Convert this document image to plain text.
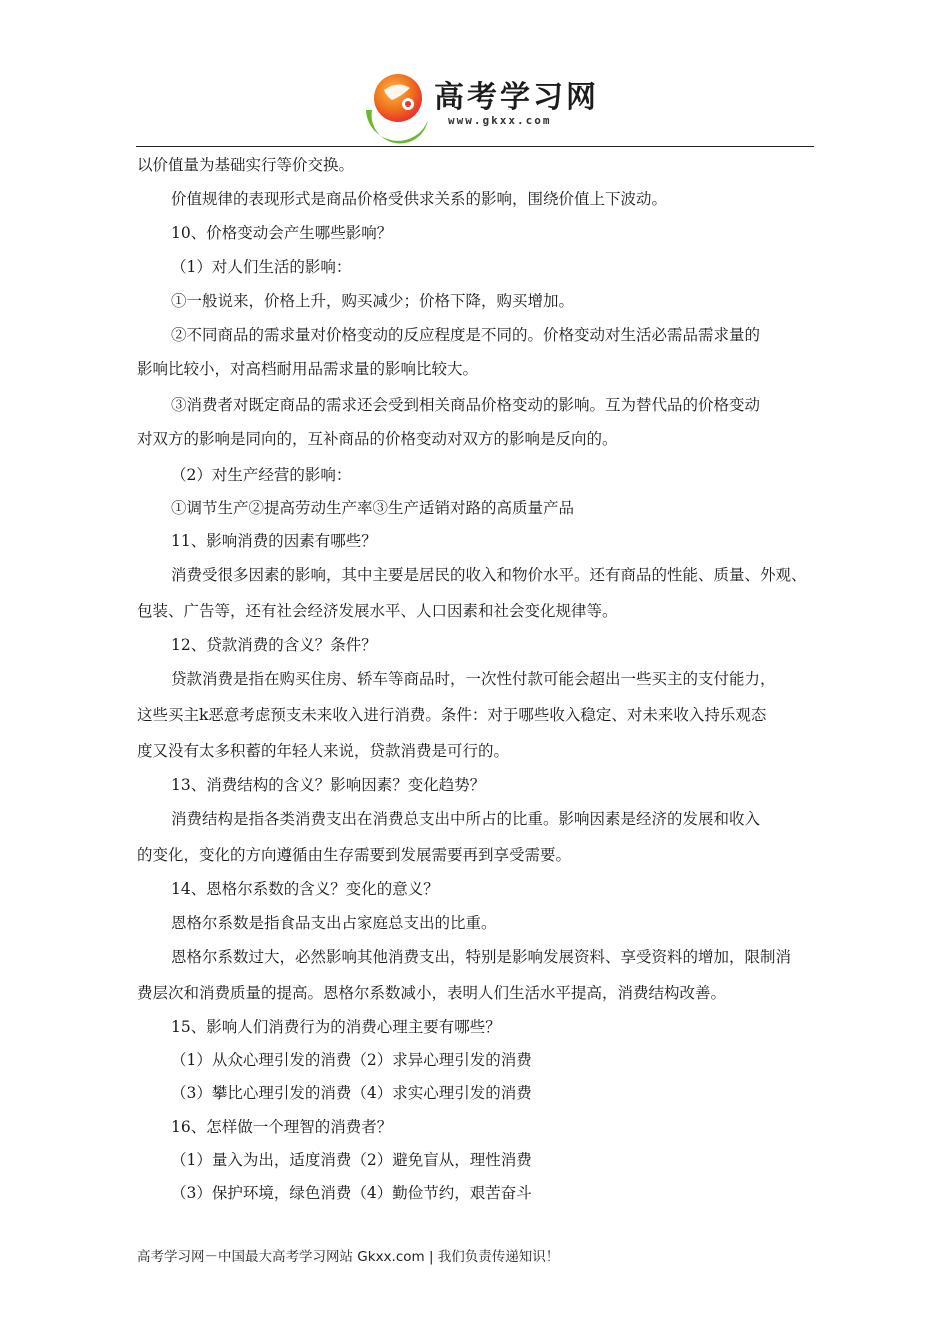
高考学习网
www.gkxx.com
以价值量为基础实行等价交换。
价值规律的表现形式是商品价格受供求关系的影响，围绕价值上下波动。
10、价格变动会产生哪些影响？
（1）对人们生活的影响：
①一般说来，价格上升，购买减少；价格下降，购买增加。
②不同商品的需求量对价格变动的反应程度是不同的。价格变动对生活必需品需求量的
影响比较小，对高档耐用品需求量的影响比较大。
③消费者对既定商品的需求还会受到相关商品价格变动的影响。互为替代品的价格变动
对双方的影响是同向的，互补商品的价格变动对双方的影响是反向的。
（2）对生产经营的影响：
①调节生产②提高劳动生产率③生产适销对路的高质量产品
11、影响消费的因素有哪些？
消费受很多因素的影响，其中主要是居民的收入和物价水平。还有商品的性能、质量、外观、
包装、广告等，还有社会经济发展水平、人口因素和社会变化规律等。
12、贷款消费的含义？条件？
贷款消费是指在购买住房、轿车等商品时，一次性付款可能会超出一些买主的支付能力，
这些买主k恶意考虑预支未来收入进行消费。条件：对于哪些收入稳定、对未来收入持乐观态
度又没有太多积蓄的年轻人来说，贷款消费是可行的。
13、消费结构的含义？影响因素？变化趋势？
消费结构是指各类消费支出在消费总支出中所占的比重。影响因素是经济的发展和收入
的变化，变化的方向遵循由生存需要到发展需要再到享受需要。
14、恩格尔系数的含义？变化的意义？
恩格尔系数是指食品支出占家庭总支出的比重。
恩格尔系数过大，必然影响其他消费支出，特别是影响发展资料、享受资料的增加，限制消
费层次和消费质量的提高。恩格尔系数减小，表明人们生活水平提高，消费结构改善。
15、影响人们消费行为的消费心理主要有哪些？
（1）从众心理引发的消费（2）求异心理引发的消费
（3）攀比心理引发的消费（4）求实心理引发的消费
16、怎样做一个理智的消费者？
（1）量入为出，适度消费（2）避免盲从，理性消费
（3）保护环境，绿色消费（4）勤俭节约，艰苦奋斗
高考学习网－中国最大高考学习网站 Gkxx.com | 我们负责传递知识！
